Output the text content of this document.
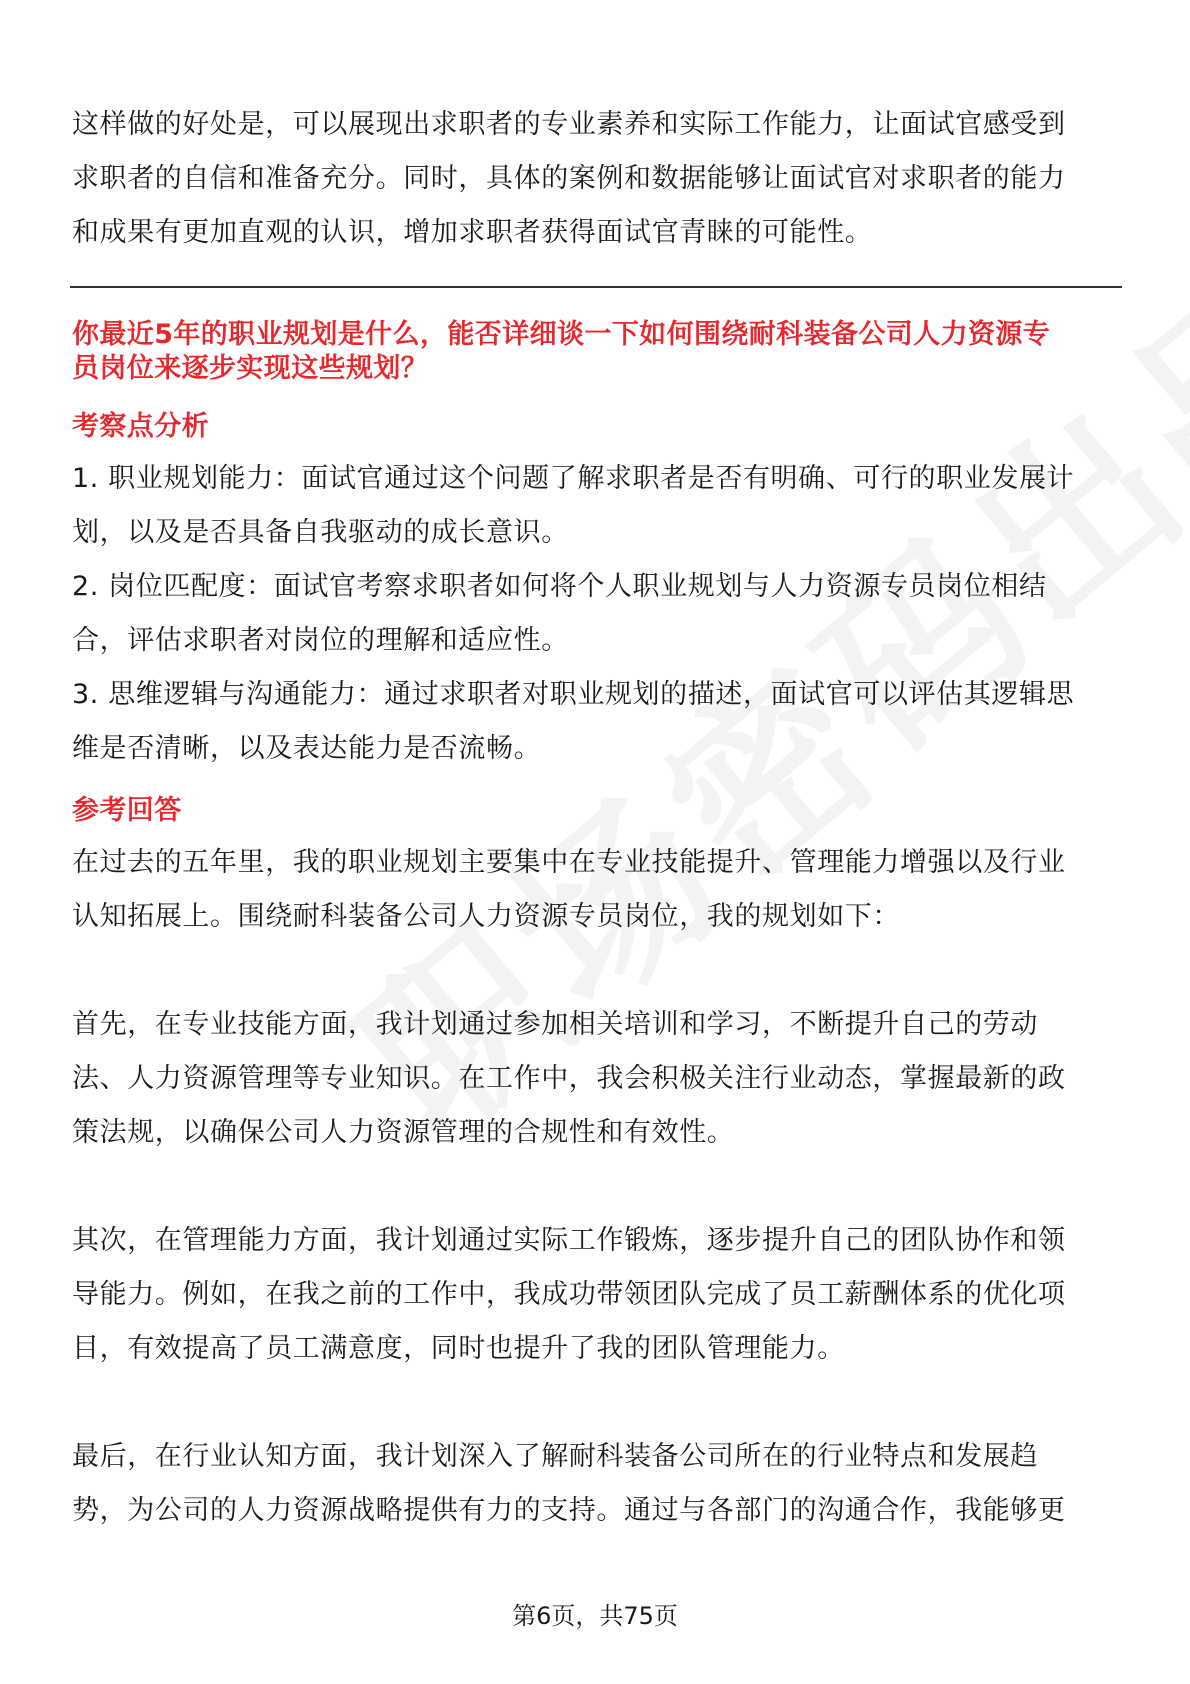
这样做的好处是，可以展现出求职者的专业素养和实际工作能力，让面试官感受到

求职者的自信和准备充分。同时，具体的案例和数据能够让面试官对求职者的能力

和成果有更加直观的认识，增加求职者获得面试官青睐的可能性。

你最近5年的职业规划是什么，能否详细谈一下如何围绕耐科装备公司人力资源专

员岗位来逐步实现这些规划？

考察点分析

1. 职业规划能力：面试官通过这个问题了解求职者是否有明确、可行的职业发展计

划，以及是否具备自我驱动的成长意识。

2. 岗位匹配度：面试官考察求职者如何将个人职业规划与人力资源专员岗位相结

合，评估求职者对岗位的理解和适应性。

3. 思维逻辑与沟通能力：通过求职者对职业规划的描述，面试官可以评估其逻辑思

维是否清晰，以及表达能力是否流畅。

参考回答

在过去的五年里，我的职业规划主要集中在专业技能提升、管理能力增强以及行业

认知拓展上。围绕耐科装备公司人力资源专员岗位，我的规划如下：

首先，在专业技能方面，我计划通过参加相关培训和学习，不断提升自己的劳动

法、人力资源管理等专业知识。在工作中，我会积极关注行业动态，掌握最新的政

策法规，以确保公司人力资源管理的合规性和有效性。

其次，在管理能力方面，我计划通过实际工作锻炼，逐步提升自己的团队协作和领

导能力。例如，在我之前的工作中，我成功带领团队完成了员工薪酬体系的优化项

目，有效提高了员工满意度，同时也提升了我的团队管理能力。

最后，在行业认知方面，我计划深入了解耐科装备公司所在的行业特点和发展趋

势，为公司的人力资源战略提供有力的支持。通过与各部门的沟通合作，我能够更

第6页，共75页
